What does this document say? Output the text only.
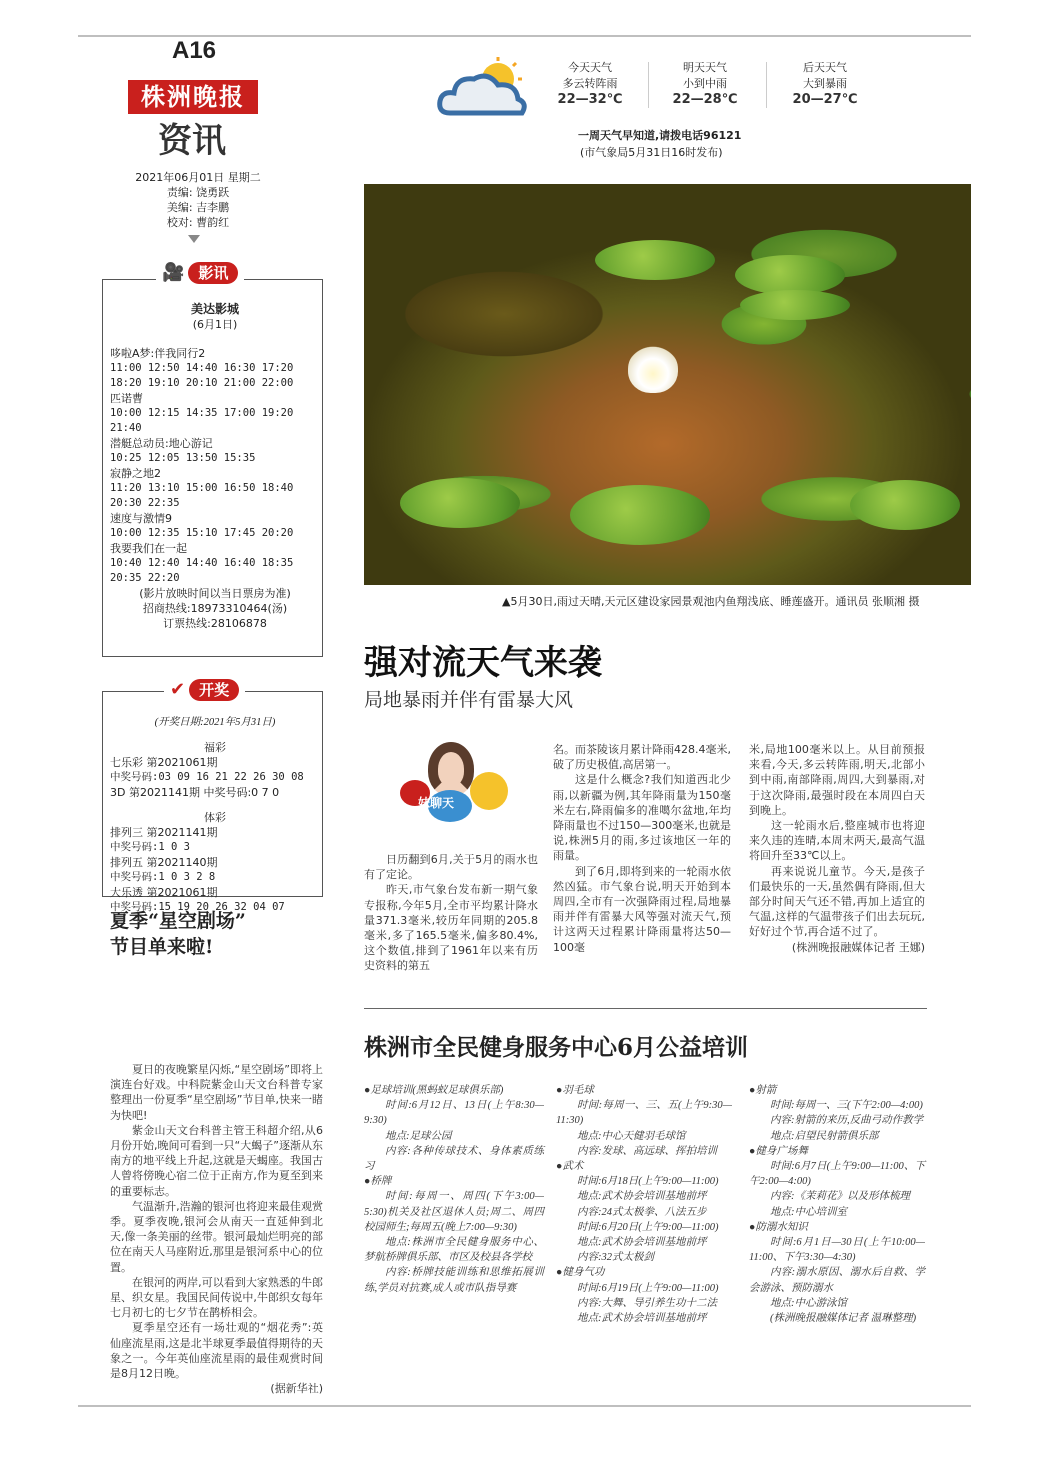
A16
株洲晚报
资讯
2021年06月01日 星期二
责编: 饶勇跃
美编: 吉李鹏
校对: 曹韵红
今天天气
多云转阵雨
22—32℃
明天天气
小到中雨
22—28℃
后天天气
大到暴雨
20—27℃
一周天气早知道,请拨电话96121
(市气象局5月31日16时发布)
🎥 影讯
美达影城
(6月1日)
哆啦A梦:伴我同行2
11:00 12:50 14:40 16:30 17:20
18:20 19:10 20:10 21:00 22:00
匹诺曹
10:00 12:15 14:35 17:00 19:20
21:40
潜艇总动员:地心游记
10:25 12:05 13:50 15:35
寂静之地2
11:20 13:10 15:00 16:50 18:40
20:30 22:35
速度与激情9
10:00 12:35 15:10 17:45 20:20
我要我们在一起
10:40 12:40 14:40 16:40 18:35
20:35 22:20
(影片放映时间以当日票房为准)
招商热线:18973310464(汤)
订票热线:28106878
✔ 开奖
(开奖日期:2021年5月31日)
福彩
七乐彩 第2021061期
中奖号码:03 09 16 21 22 26 30 08
3D 第2021141期 中奖号码:0 7 0
体彩
排列三 第2021141期
中奖号码:1 0 3
排列五 第2021140期
中奖号码:1 0 3 2 8
大乐透 第2021061期
中奖号码:15 19 20 26 32 04 07
夏季“星空剧场”
节目单来啦!

夏日的夜晚繁星闪烁,“星空剧场”即将上演连台好戏。中科院紫金山天文台科普专家整理出一份夏季“星空剧场”节目单,快来一睹为快吧!

紫金山天文台科普主管王科超介绍,从6月份开始,晚间可看到一只“大蝎子”逐渐从东南方的地平线上升起,这就是天蝎座。我国古人曾将傍晚心宿二位于正南方,作为夏至到来的重要标志。

气温渐升,浩瀚的银河也将迎来最佳观赏季。夏季夜晚,银河会从南天一直延伸到北天,像一条美丽的丝带。银河最灿烂明亮的部位在南天人马座附近,那里是银河系中心的位置。

在银河的两岸,可以看到大家熟悉的牛郎星、织女星。我国民间传说中,牛郎织女每年七月初七的七夕节在鹊桥相会。

夏季星空还有一场壮观的“烟花秀”:英仙座流星雨,这是北半球夏季最值得期待的天象之一。今年英仙座流星雨的最佳观赏时间是8月12日晚。

(据新华社)

▲5月30日,雨过天晴,天元区建设家园景观池内鱼翔浅底、睡莲盛开。通讯员 张顺湘 摄
强对流天气来袭
局地暴雨并伴有雷暴大风
妹聊天

日历翻到6月,关于5月的雨水也有了定论。

昨天,市气象台发布新一期气象专报称,今年5月,全市平均累计降水量371.3毫米,较历年同期的205.8毫米,多了165.5毫米,偏多80.4%,这个数值,排到了1961年以来有历史资料的第五

名。而茶陵该月累计降雨428.4毫米,破了历史极值,高居第一。

这是什么概念?我们知道西北少雨,以新疆为例,其年降雨量为150毫米左右,降雨偏多的准噶尔盆地,年均降雨量也不过150—300毫米,也就是说,株洲5月的雨,多过该地区一年的雨量。

到了6月,即将到来的一轮雨水依然凶猛。市气象台说,明天开始到本周四,全市有一次强降雨过程,局地暴雨并伴有雷暴大风等强对流天气,预计这两天过程累计降雨量将达50—100毫

米,局地100毫米以上。从目前预报来看,今天,多云转阵雨,明天,北部小到中雨,南部降雨,周四,大到暴雨,对于这次降雨,最强时段在本周四白天到晚上。

这一轮雨水后,整座城市也将迎来久违的连晴,本周末两天,最高气温将回升至33℃以上。

再来说说儿童节。今天,是孩子们最快乐的一天,虽然偶有降雨,但大部分时间天气还不错,再加上适宜的气温,这样的气温带孩子们出去玩玩,好好过个节,再合适不过了。

(株洲晚报融媒体记者 王娜)

株洲市全民健身服务中心6月公益培训

●足球培训(黑蚂蚁足球俱乐部)

时间:6月12日、13日(上午8:30—9:30)

地点:足球公园

内容:各种传球技术、身体素质练习

●桥牌

时间:每周一、周四(下午3:00—5:30)机关及社区退休人员;周二、周四校园师生;每周五(晚上7:00—9:30)

地点:株洲市全民健身服务中心、梦航桥牌俱乐部、市区及校县各学校

内容:桥牌技能训练和思维拓展训练,学员对抗赛,成人或市队指导赛

●羽毛球

时间:每周一、三、五(上午9:30—11:30)

地点:中心天健羽毛球馆

内容:发球、高远球、挥拍培训

●武术

时间:6月18日(上午9:00—11:00)

地点:武术协会培训基地前坪

内容:24式太极拳、八法五步

时间:6月20日(上午9:00—11:00)

地点:武术协会培训基地前坪

内容:32式太极剑

●健身气功

时间:6月19日(上午9:00—11:00)

内容:大舞、导引养生功十二法

地点:武术协会培训基地前坪

●射箭

时间:每周一、三(下午2:00—4:00)

内容:射箭的来历,反曲弓动作教学

地点:启望民射箭俱乐部

●健身广场舞

时间:6月7日(上午9:00—11:00、下午2:00—4:00)

内容:《茉莉花》以及形体梳理

地点:中心培训室

●防溺水知识

时间:6月1日—30日(上午10:00—11:00、下午3:30—4:30)

内容:溺水原因、溺水后自救、学会游泳、预防溺水

地点:中心游泳馆

(株洲晚报融媒体记者 温琳整理)
